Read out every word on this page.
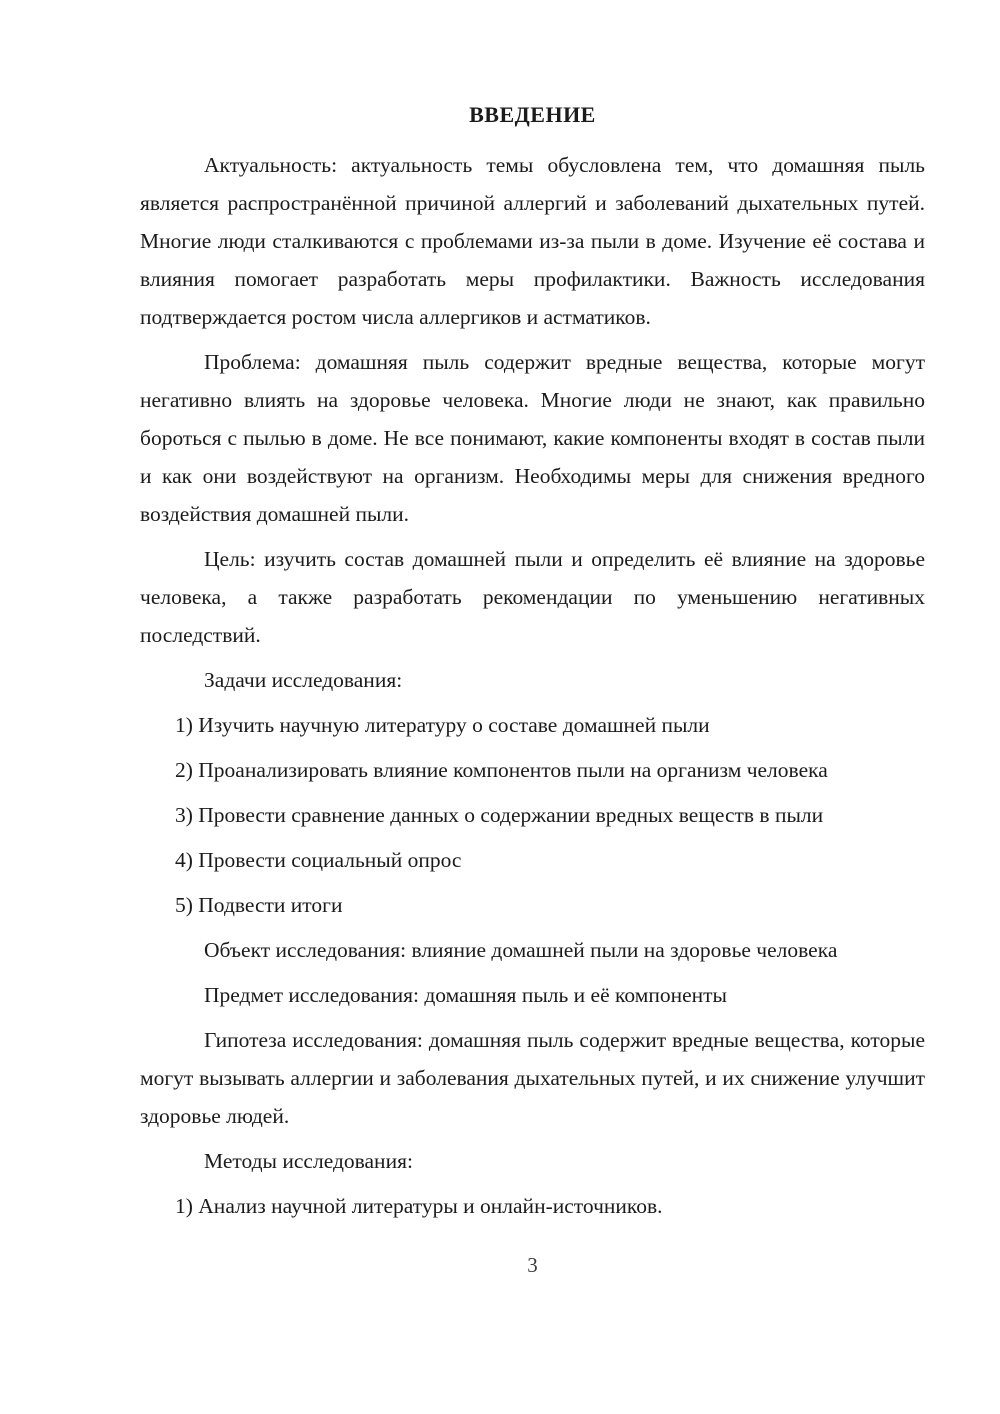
ВВЕДЕНИЕ

Актуальность: актуальность темы обусловлена тем, что домашняя пыль является распространённой причиной аллергий и заболеваний дыхательных путей. Многие люди сталкиваются с проблемами из-за пыли в доме. Изучение её состава и влияния помогает разработать меры профилактики. Важность исследования подтверждается ростом числа аллергиков и астматиков.

Проблема: домашняя пыль содержит вредные вещества, которые могут негативно влиять на здоровье человека. Многие люди не знают, как правильно бороться с пылью в доме. Не все понимают, какие компоненты входят в состав пыли и как они воздействуют на организм. Необходимы меры для снижения вредного воздействия домашней пыли.

Цель: изучить состав домашней пыли и определить её влияние на здоровье человека, а также разработать рекомендации по уменьшению негативных последствий.

Задачи исследования:

1) Изучить научную литературу о составе домашней пыли

2) Проанализировать влияние компонентов пыли на организм человека

3) Провести сравнение данных о содержании вредных веществ в пыли

4) Провести социальный опрос

5) Подвести итоги

Объект исследования: влияние домашней пыли на здоровье человека

Предмет исследования: домашняя пыль и её компоненты

Гипотеза исследования: домашняя пыль содержит вредные вещества, которые могут вызывать аллергии и заболевания дыхательных путей, и их снижение улучшит здоровье людей.

Методы исследования:

1) Анализ научной литературы и онлайн-источников.

3
